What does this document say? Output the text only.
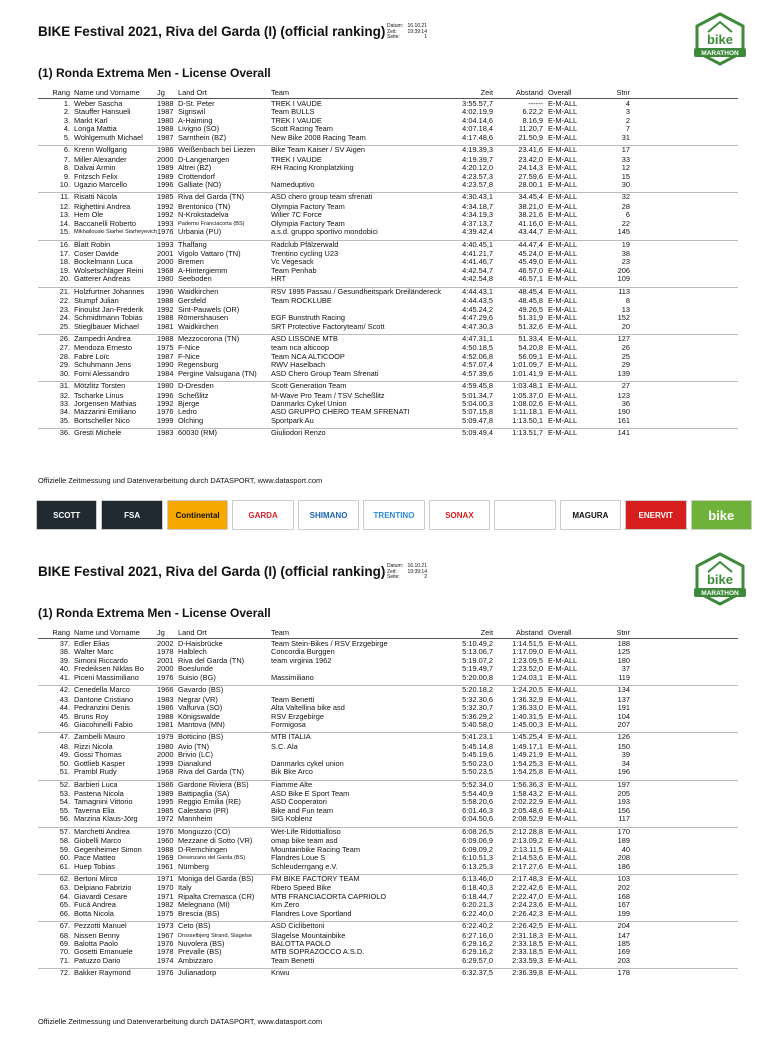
BIKE Festival 2021, Riva del Garda (I) (official ranking) Datum: 16.10.21
Zeit:	19:39:14
Seite:	1	bike
MARATHON
(1) Ronda Extrema Men - License Overall
Rang Name und Vorname	Jg	Land Ort	Team	Zeit	Abstand Overall	Stnr
1. Weber Sascha	1988 D-St. Peter	TREK I VAUDE	3:55.57,7	------ E-M-ALL	4
2. Stauffer Hansueli	1987 Sigriswil	Team BULLS	4:02.19,9	6.22,2 E-M-ALL	3
3. Markt Karl	1980 A-Haiming	TREK I VAUDE	4:04.14,6	8.16,9 E-M-ALL	2
4. Longa Mattia	1988 Livigno (SO)	Scott Racing Team	4:07.18,4	11.20,7 E-M-ALL	7
5. Wohlgemuth Michael	1987 Sarnthein (BZ)	New Bike 2008 Racing Team	4:17.48,6	21.50,9 E-M-ALL	31
6. Krenn Wolfgang	1986 Weißenbach bei Liezen	Bike Team Kaiser / SV Aigen	4:19.39,3	23.41,6 E-M-ALL	17
7. Miller Alexander	2000 D-Langenargen	TREK I VAUDE	4:19.39,7	23.42,0 E-M-ALL	33
8. Dalvai Armin	1989 Altrei (BZ)	RH Racing Kronplatzking	4:20.12,0	24.14,3 E-M-ALL	12
9. Fritzsch Felix	1989 Crottendorf	4:23.57,3	27.59,6 E-M-ALL	15
10. Ugazio Marcello	1996 Galliate (NO)	Nameduptivo	4:23.57,8	28.00,1 E-M-ALL	30
11. Risatti Nicola	1985 Riva del Garda (TN)	ASD chero group team sfrenati	4:30.43,1	34.45,4 E-M-ALL	32
12. Righettini Andrea	1992 Brentonico (TN)	Olympia Factory Team	4:34.18,7	38.21,0 E-M-ALL	28
13. Hem Ole	1992 N-Krokstadelva	Wilier 7C Force	4:34.19,3	38.21,6 E-M-ALL	6
14. Baccanelli Roberto	1993 Paderno Franciacorta (BS)	Olympia Factory Team	4:37.13,7	41.16,0 E-M-ALL	22
15. Mikhailouski Siarhei Siarheyevich 1976 Urbania (PU)	a.s.d. gruppo sportivo mondobici	4:39.42,4	43.44,7 E-M-ALL	145
16. Blatt Robin	1993 Thalfang	Radclub Pfälzerwald	4:40.45,1	44.47,4 E-M-ALL	19
17. Coser Davide	2001 Vigolo Vattaro (TN)	Trentino cycling U23	4:41.21,7	45.24,0 E-M-ALL	38
18. Bockelmann Luca	2000 Bremen	Vc Vegesack	4:41.46,7	45.49,0 E-M-ALL	23
19. Wolsetschläger Reini	1968 A-Hintergiemm	Team Penhab	4:42.54,7	46.57,0 E-M-ALL	206
20. Gatterer Andreas	1980 Seeboden	HRT	4:42.54,8	46.57,1 E-M-ALL	109
21. Holzfurtner Johannes	1996 Waidkirchen	RSV 1895 Passau / Gesundheitspark Dreiländereck	4:44.43,1	48.45,4 E-M-ALL	113
22. Stumpf Julian	1988 Gersfeld	Team ROCKLUBE	4:44.43,5	48.45,8 E-M-ALL	8
23. Finoulst Jan-Frederik	1992 Sint-Pauwels (OR)	4:45.24,2	49.26,5 E-M-ALL	13
24. Schmidtmann Tobias	1988 Römershausen	EGF Bunstruth Racing	4:47.29,6	51.31,9 E-M-ALL	152
25. Stieglbauer Michael	1981 Waidkirchen	SRT Protective Factoryteam/ Scott	4:47.30,3	51.32,6 E-M-ALL	20
26. Zampedri Andrea	1988 Mezzocorona (TN)	ASD LISSONE MTB	4:47.31,1	51.33,4 E-M-ALL	127
27. Mendoza Ernesto	1975 F-Nice	team nca alticoop	4:50.18,5	54.20,8 E-M-ALL	26
28. Fabre Loïc	1987 F-Nice	Team NCA ALTICOOP	4:52.06,8	56.09,1 E-M-ALL	25
29. Schuhmann Jens	1990 Regensburg	RWV Haselbach	4:57.07,4	1:01.09,7 E-M-ALL	29
30. Forni Alessandro	1984 Pergine Valsugana (TN)	ASD Chero Group Team Sfrenati	4:57.39,6	1:01.41,9 E-M-ALL	139
31. Mötzlitz Torsten	1980 D-Dresden	Scott Generation Team	4:59.45,8	1:03.48,1 E-M-ALL	27
32. Tscharke Linus	1996 Scheßlitz	M-Wave Pro Team / TSV Scheßlitz	5:01.34,7	1:05.37,0 E-M-ALL	123
33. Jorgensen Mathias	1992 Bjerge	Danmarks Cykel Union	5:04.00,3	1:08.02,6 E-M-ALL	36
34. Mazzarini Emiliano	1976 Ledro	ASD GRUPPO CHERO TEAM SFRENATI	5:07.15,8	1:11.18,1 E-M-ALL	190
35. Bortscheller Nico	1999 Olching	Sportpark Au	5:09.47,8	1:13.50,1 E-M-ALL	161
36. Gresti Michele	1983 60030 (RM)	Giuliodori Renzo	5:09.49,4	1:13.51,7 E-M-ALL	141
Offizielle Zeitmessung und Datenverarbeitung durch DATASPORT, www.datasport.com
SCOTT	FSA	Continental	GARDA	SHIMANO	TRENTINO	SONAX	MAGURA	ENERVIT	bike
BIKE Festival 2021, Riva del Garda (I) (official ranking) Datum: 16.10.21
Zeit:	19:39:14
Seite:	2	bike
MARATHON
(1) Ronda Extrema Men - License Overall
Rang Name und Vorname	Jg	Land Ort	Team	Zeit	Abstand Overall	Stnr
37. Edler Elias	2002 D-Haisbrücke	Team Stein-Bikes / RSV Erzgebirge	5:10.49,2	1:14.51,5 E-M-ALL	188
38. Walter Marc	1978 Halblech	Concordia Burggen	5:13.06,7	1:17.09,0 E-M-ALL	125
39. Simoni Riccardo	2001 Riva del Garda (TN)	team virginia 1962	5:19.07,2	1:23.09,5 E-M-ALL	180
40. Fredeiksen Niklas Bo	2000 Boeslunde	5:19.49,7	1:23.52,0 E-M-ALL	37
41. Piceni Massimiliano	1976 Suisio (BG)	Massimiliano	5:20.00,8	1:24.03,1 E-M-ALL	119
42. Cenedella Marco	1966 Gavardo (BS)	5:20.18,2	1:24.20,5 E-M-ALL	134
43. Dantone Cristiano	1983 Negrar (VR)	Team Benetti	5:32.30,6	1:36.32,9 E-M-ALL	137
44. Pedranzini Denis	1986 Valfurva (SO)	Alta Valtellina bike asd	5:32.30,7	1:36.33,0 E-M-ALL	191
45. Bruns Roy	1988 Königswalde	RSV Erzgebirge	5:36.29,2	1:40.31,5 E-M-ALL	104
46. Giacohinelli Fabio	1981 Mantova (MN)	Formigosa	5:40.58,0	1:45.00,3 E-M-ALL	207
47. Zambelli Mauro	1979 Botticino (BS)	MTB ITALIA	5:41.23,1	1:45.25,4 E-M-ALL	126
48. Rizzi Nicola	1980 Avio (TN)	S.C. Ala	5:45.14,8	1:49.17,1 E-M-ALL	150
49. Gossi Thomas	2000 Brivio (LC)	5:45.19,6	1:49.21,9 E-M-ALL	39
50. Gottlieb Kasper	1999 Dianalund	Danmarks cykel union	5:50.23,0	1:54.25,3 E-M-ALL	34
51. Prambl Rudy	1968 Riva del Garda (TN)	Bik Bke Arco	5:50.23,5	1:54.25,8 E-M-ALL	196
52. Barbieri Luca	1986 Gardone Riviera (BS)	Fiamme Alte	5:52.34,0	1:56.36,3 E-M-ALL	197
53. Pastena Nicola	1989 Battipaglia (SA)	ASD Bike E Sport Team	5:54.40,9	1:58.43,2 E-M-ALL	205
54. Tamagnini Vittorio	1995 Reggio Emilia (RE)	ASD Cooperatori	5:58.20,6	2:02.22,9 E-M-ALL	193
55. Taverna Elia	1985 Calestano (PR)	Bike and Fun team	6:01.46,3	2:05.48,6 E-M-ALL	156
56. Marzina Klaus-Jörg	1972 Mannheim	SIG Koblenz	6:04.50,6	2:08.52,9 E-M-ALL	117
57. Marchetti Andrea	1976 Monguzzo (CO)	Wet-Life Ridottialloso	6:08.26,5	2:12.28,8 E-M-ALL	170
58. Giobelli Marco	1960 Mezzane di Sotto (VR)	omap bike team asd	6:09.06,9	2:13.09,2 E-M-ALL	189
59. Gegenheimer Simon	1988 D-Remchingen	Mountainbike Racing Team	6:09.09,2	2:13.11,5 E-M-ALL	40
60. Pace Matteo	1969 Desenzano del Garda (BS)	Flandres Loue S	6:10.51,3	2:14.53,6 E-M-ALL	208
61. Huep Tobias	1961 Nürnberg	Schleuderrgang e.V.	6:13.25,3	2:17.27,6 E-M-ALL	186
62. Bertoni Mirco	1971 Moniga del Garda (BS)	FM BIKE FACTORY TEAM	6:13.46,0	2:17.48,3 E-M-ALL	103
63. Delpiano Fabrizio	1970 Italy	Rbero Speed Bike	6:18.40,3	2:22.42,6 E-M-ALL	202
64. Giavardi Cesare	1971 Ripalta Cremasca (CR)	MTB FRANCIACORTA CAPRIOLO	6:18.44,7	2:22.47,0 E-M-ALL	168
65. Fucà Andrea	1982 Melegnano (MI)	Km Zero	6:20.21,3	2:24.23,6 E-M-ALL	167
66. Botta Nicola	1975 Brescia (BS)	Flandres Love Sportland	6:22.40,0	2:26.42,3 E-M-ALL	199
67. Pezzotti Manuel	1973 Ceto (BS)	ASD Ciclibettoni	6:22.40,2	2:26.42,5 E-M-ALL	204
68. Nissen Benny	1967 Drosselbjerg Strand, Slagelse	Slagelse Mountainbike	6:27.16,0	2:31.18,3 E-M-ALL	147
69. Balotta Paolo	1976 Nuvolera (BS)	BALOTTA PAOLO	6:29.16,2	2:33.18,5 E-M-ALL	185
70. Gosetti Emanuele	1978 Prevalle (BS)	MTB SOPRAZOCCO A.S.D.	6:29.16,2	2:33.18,5 E-M-ALL	169
71. Patuzzo Dario	1974 Ambizzaro	Team Benetti	6:29.57,0	2:33.59,3 E-M-ALL	203
72. Bakker Raymond	1976 Julianadorp	Knwu	6:32.37,5	2:36.39,8 E-M-ALL	178
Offizielle Zeitmessung und Datenverarbeitung durch DATASPORT, www.datasport.com
